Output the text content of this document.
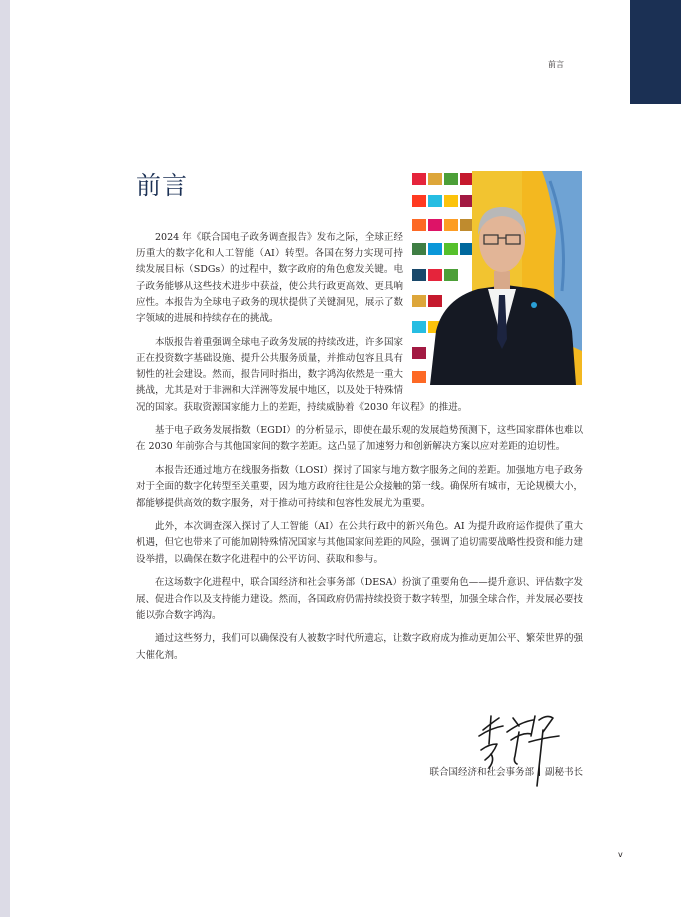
前言
前言

2024 年《联合国电子政务调查报告》发布之际，全球正经历重大的数字化和人工智能（AI）转型。各国在努力实现可持续发展目标（SDGs）的过程中，数字政府的角色愈发关键。电子政务能够从这些技术进步中获益，使公共行政更高效、更具响应性。本报告为全球电子政务的现状提供了关键洞见，展示了数字领域的进展和持续存在的挑战。

本版报告着重强调全球电子政务发展的持续改进，许多国家正在投资数字基础设施、提升公共服务质量，并推动包容且具有韧性的社会建设。然而，报告同时指出，数字鸿沟依然是一重大挑战，尤其是对于非洲和大洋洲等发展中地区，以及处于特殊情况的国家。获取资源国家能力上的差距，持续威胁着《2030 年议程》的推进。

基于电子政务发展指数（EGDI）的分析显示，即使在最乐观的发展趋势预测下，这些国家群体也难以在 2030 年前弥合与其他国家间的数字差距。这凸显了加速努力和创新解决方案以应对差距的迫切性。

本报告还通过地方在线服务指数（LOSI）探讨了国家与地方数字服务之间的差距。加强地方电子政务对于全面的数字化转型至关重要，因为地方政府往往是公众接触的第一线。确保所有城市，无论规模大小，都能够提供高效的数字服务，对于推动可持续和包容性发展尤为重要。

此外，本次调查深入探讨了人工智能（AI）在公共行政中的新兴角色。AI 为提升政府运作提供了重大机遇，但它也带来了可能加剧特殊情况国家与其他国家间差距的风险，强调了追切需要战略性投资和能力建设举措，以确保在数字化进程中的公平访问、获取和参与。

在这场数字化进程中，联合国经济和社会事务部（DESA）扮演了重要角色——提升意识、评估数字发展、促进合作以及支持能力建设。然而，各国政府仍需持续投资于数字转型，加强全球合作，并发展必要技能以弥合数字鸿沟。

通过这些努力，我们可以确保没有人被数字时代所遗忘，让数字政府成为推动更加公平、繁荣世界的强大催化剂。

联合国经济和社会事务部 副秘书长
v
